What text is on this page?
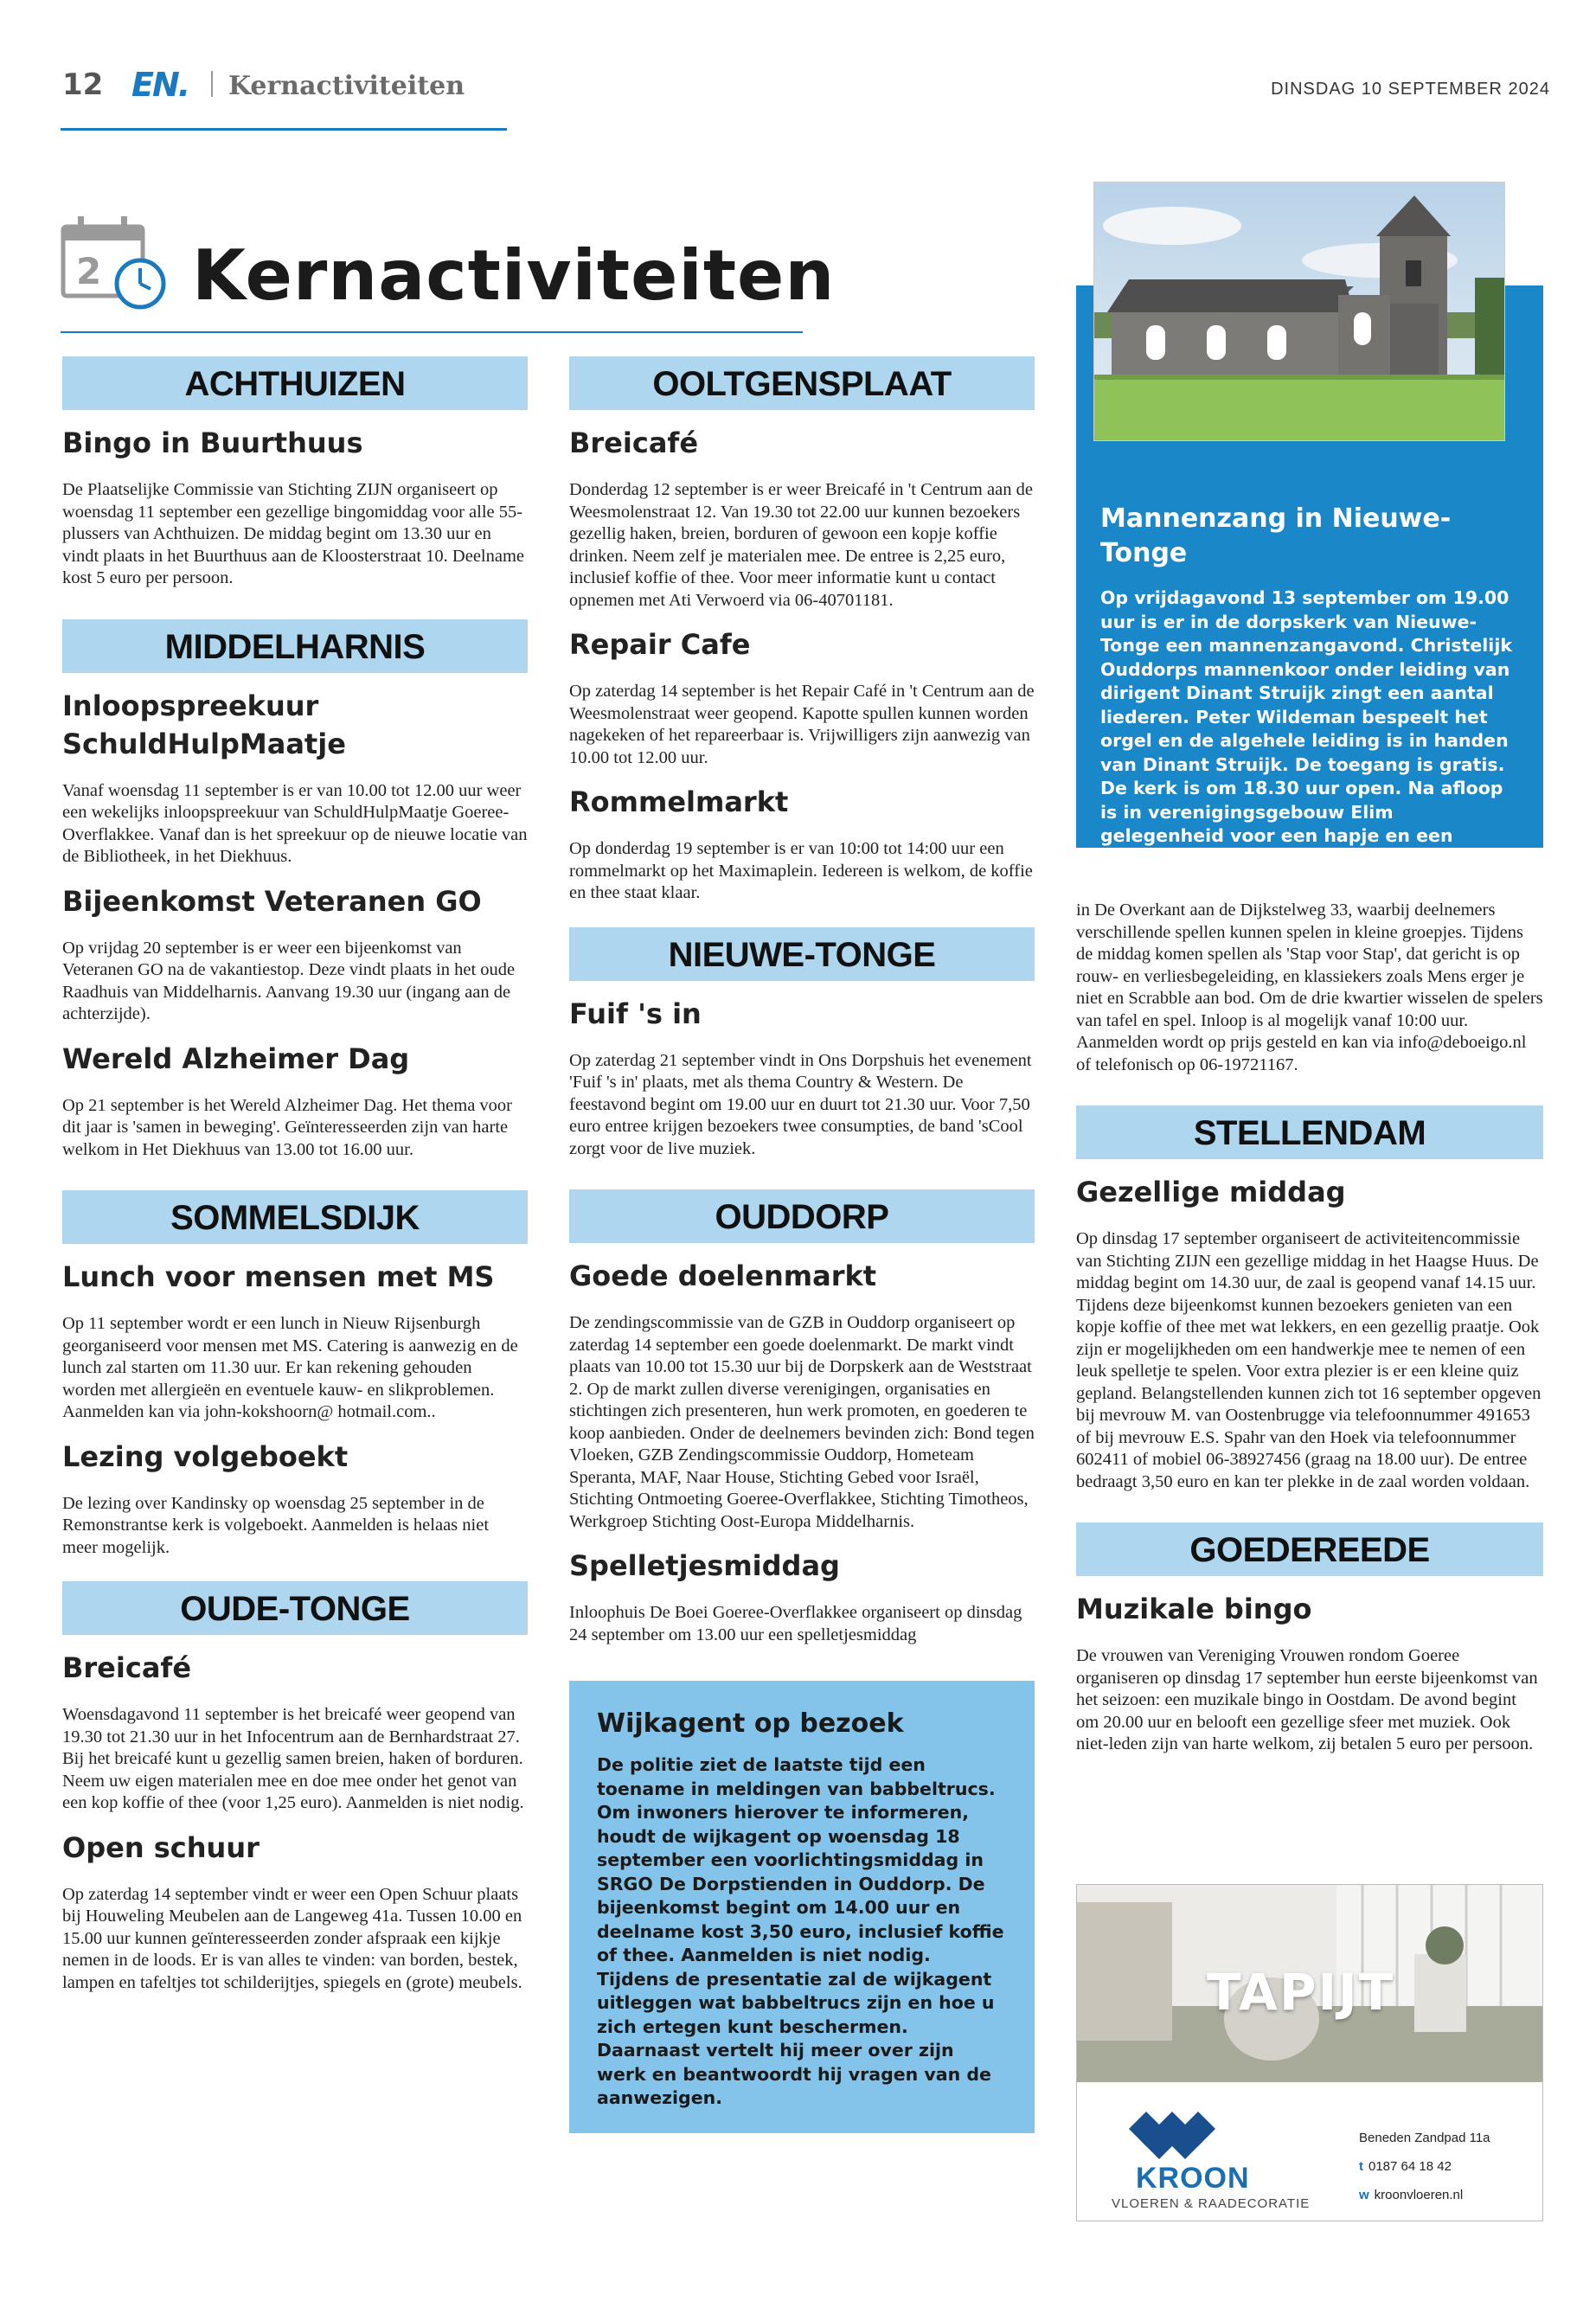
12 EN. Kernactiviteiten	DINSDAG 10 SEPTEMBER 2024
2 Kernactiviteiten
ACHTHUIZEN
Bingo in Buurthuus
De Plaatselijke Commissie van Stichting ZIJN organiseert op woensdag 11 september een gezellige bingomiddag voor alle 55-plussers van Achthuizen. De middag begint om 13.30 uur en vindt plaats in het Buurthuus aan de Kloosterstraat 10. Deelname kost 5 euro per persoon.
MIDDELHARNIS
Inloopspreekuur SchuldHulpMaatje
Vanaf woensdag 11 september is er van 10.00 tot 12.00 uur weer een wekelijks inloopspreekuur van SchuldHulpMaatje Goeree-Overflakkee. Vanaf dan is het spreekuur op de nieuwe locatie van de Bibliotheek, in het Diekhuus.
Bijeenkomst Veteranen GO
Op vrijdag 20 september is er weer een bijeenkomst van Veteranen GO na de vakantiestop. Deze vindt plaats in het oude Raadhuis van Middelharnis. Aanvang 19.30 uur (ingang aan de achterzijde).
Wereld Alzheimer Dag
Op 21 september is het Wereld Alzheimer Dag. Het thema voor dit jaar is 'samen in beweging'. Geïnteresseerden zijn van harte welkom in Het Diekhuus van 13.00 tot 16.00 uur.
SOMMELSDIJK
Lunch voor mensen met MS
Op 11 september wordt er een lunch in Nieuw Rijsenburgh georganiseerd voor mensen met MS. Catering is aanwezig en de lunch zal starten om 11.30 uur. Er kan rekening gehouden worden met allergieën en eventuele kauw- en slikproblemen. Aanmelden kan via john-kokshoorn@ hotmail.com..
Lezing volgeboekt
De lezing over Kandinsky op woensdag 25 september in de Remonstrantse kerk is volgeboekt. Aanmelden is helaas niet meer mogelijk.
OUDE-TONGE
Breicafé
Woensdagavond 11 september is het breicafé weer geopend van 19.30 tot 21.30 uur in het Infocentrum aan de Bernhardstraat 27. Bij het breicafé kunt u gezellig samen breien, haken of borduren. Neem uw eigen materialen mee en doe mee onder het genot van een kop koffie of thee (voor 1,25 euro). Aanmelden is niet nodig.
Open schuur
Op zaterdag 14 september vindt er weer een Open Schuur plaats bij Houweling Meubelen aan de Langeweg 41a. Tussen 10.00 en 15.00 uur kunnen geïnteresseerden zonder afspraak een kijkje nemen in de loods. Er is van alles te vinden: van borden, bestek, lampen en tafeltjes tot schilderijtjes, spiegels en (grote) meubels.
OOLTGENSPLAAT
Breicafé
Donderdag 12 september is er weer Breicafé in 't Centrum aan de Weesmolenstraat 12. Van 19.30 tot 22.00 uur kunnen bezoekers gezellig haken, breien, borduren of gewoon een kopje koffie drinken. Neem zelf je materialen mee. De entree is 2,25 euro, inclusief koffie of thee. Voor meer informatie kunt u contact opnemen met Ati Verwoerd via 06-40701181.
Repair Cafe
Op zaterdag 14 september is het Repair Café in 't Centrum aan de Weesmolenstraat weer geopend. Kapotte spullen kunnen worden nagekeken of het repareerbaar is. Vrijwilligers zijn aanwezig van 10.00 tot 12.00 uur.
Rommelmarkt
Op donderdag 19 september is er van 10:00 tot 14:00 uur een rommelmarkt op het Maximaplein. Iedereen is welkom, de koffie en thee staat klaar.
NIEUWE-TONGE
Fuif 's in
Op zaterdag 21 september vindt in Ons Dorpshuis het evenement 'Fuif 's in' plaats, met als thema Country & Western. De feestavond begint om 19.00 uur en duurt tot 21.30 uur. Voor 7,50 euro entree krijgen bezoekers twee consumpties, de band 'sCool zorgt voor de live muziek.
OUDDORP
Goede doelenmarkt
De zendingscommissie van de GZB in Ouddorp organiseert op zaterdag 14 september een goede doelenmarkt. De markt vindt plaats van 10.00 tot 15.30 uur bij de Dorpskerk aan de Weststraat 2. Op de markt zullen diverse verenigingen, organisaties en stichtingen zich presenteren, hun werk promoten, en goederen te koop aanbieden. Onder de deelnemers bevinden zich: Bond tegen Vloeken, GZB Zendingscommissie Ouddorp, Hometeam Speranta, MAF, Naar House, Stichting Gebed voor Israël, Stichting Ontmoeting Goeree-Overflakkee, Stichting Timotheos, Werkgroep Stichting Oost-Europa Middelharnis.
Spelletjesmiddag
Inloophuis De Boei Goeree-Overflakkee organiseert op dinsdag 24 september om 13.00 uur een spelletjesmiddag
Wijkagent op bezoek

De politie ziet de laatste tijd een toename in meldingen van babbeltrucs. Om inwoners hierover te informeren, houdt de wijkagent op woensdag 18 september een voorlichtingsmiddag in SRGO De Dorpstienden in Ouddorp. De bijeenkomst begint om 14.00 uur en deelname kost 3,50 euro, inclusief koffie of thee. Aanmelden is niet nodig. Tijdens de presentatie zal de wijkagent uitleggen wat babbeltrucs zijn en hoe u zich ertegen kunt beschermen. Daarnaast vertelt hij meer over zijn werk en beantwoordt hij vragen van de aanwezigen.

Mannenzang in Nieuwe-Tonge

Op vrijdagavond 13 september om 19.00 uur is er in de dorpskerk van Nieuwe-Tonge een mannenzangavond. Christelijk Ouddorps mannenkoor onder leiding van dirigent Dinant Struijk zingt een aantal liederen. Peter Wildeman bespeelt het orgel en de algehele leiding is in handen van Dinant Struijk. De toegang is gratis. De kerk is om 18.30 uur open. Na afloop is in verenigingsgebouw Elim gelegenheid voor een hapje en een drankje.

in De Overkant aan de Dijkstelweg 33, waarbij deelnemers verschillende spellen kunnen spelen in kleine groepjes. Tijdens de middag komen spellen als 'Stap voor Stap', dat gericht is op rouw- en verliesbegeleiding, en klassiekers zoals Mens erger je niet en Scrabble aan bod. Om de drie kwartier wisselen de spelers van tafel en spel. Inloop is al mogelijk vanaf 10:00 uur. Aanmelden wordt op prijs gesteld en kan via info@deboeigo.nl of telefonisch op 06-19721167.
STELLENDAM
Gezellige middag
Op dinsdag 17 september organiseert de activiteitencommissie van Stichting ZIJN een gezellige middag in het Haagse Huus. De middag begint om 14.30 uur, de zaal is geopend vanaf 14.15 uur. Tijdens deze bijeenkomst kunnen bezoekers genieten van een kopje koffie of thee met wat lekkers, en een gezellig praatje. Ook zijn er mogelijkheden om een handwerkje mee te nemen of een leuk spelletje te spelen. Voor extra plezier is er een kleine quiz gepland. Belangstellenden kunnen zich tot 16 september opgeven bij mevrouw M. van Oostenbrugge via telefoonnummer 491653 of bij mevrouw E.S. Spahr van den Hoek via telefoonnummer 602411 of mobiel 06-38927456 (graag na 18.00 uur). De entree bedraagt 3,50 euro en kan ter plekke in de zaal worden voldaan.
GOEDEREEDE
Muzikale bingo
De vrouwen van Vereniging Vrouwen rondom Goeree organiseren op dinsdag 17 september hun eerste bijeenkomst van het seizoen: een muzikale bingo in Oostdam. De avond begint om 20.00 uur en belooft een gezellige sfeer met muziek. Ook niet-leden zijn van harte welkom, zij betalen 5 euro per persoon.
TAPIJT
KROON
VLOEREN & RAADECORATIE
Beneden Zandpad 11a
t 0187 64 18 42
w kroonvloeren.nl
